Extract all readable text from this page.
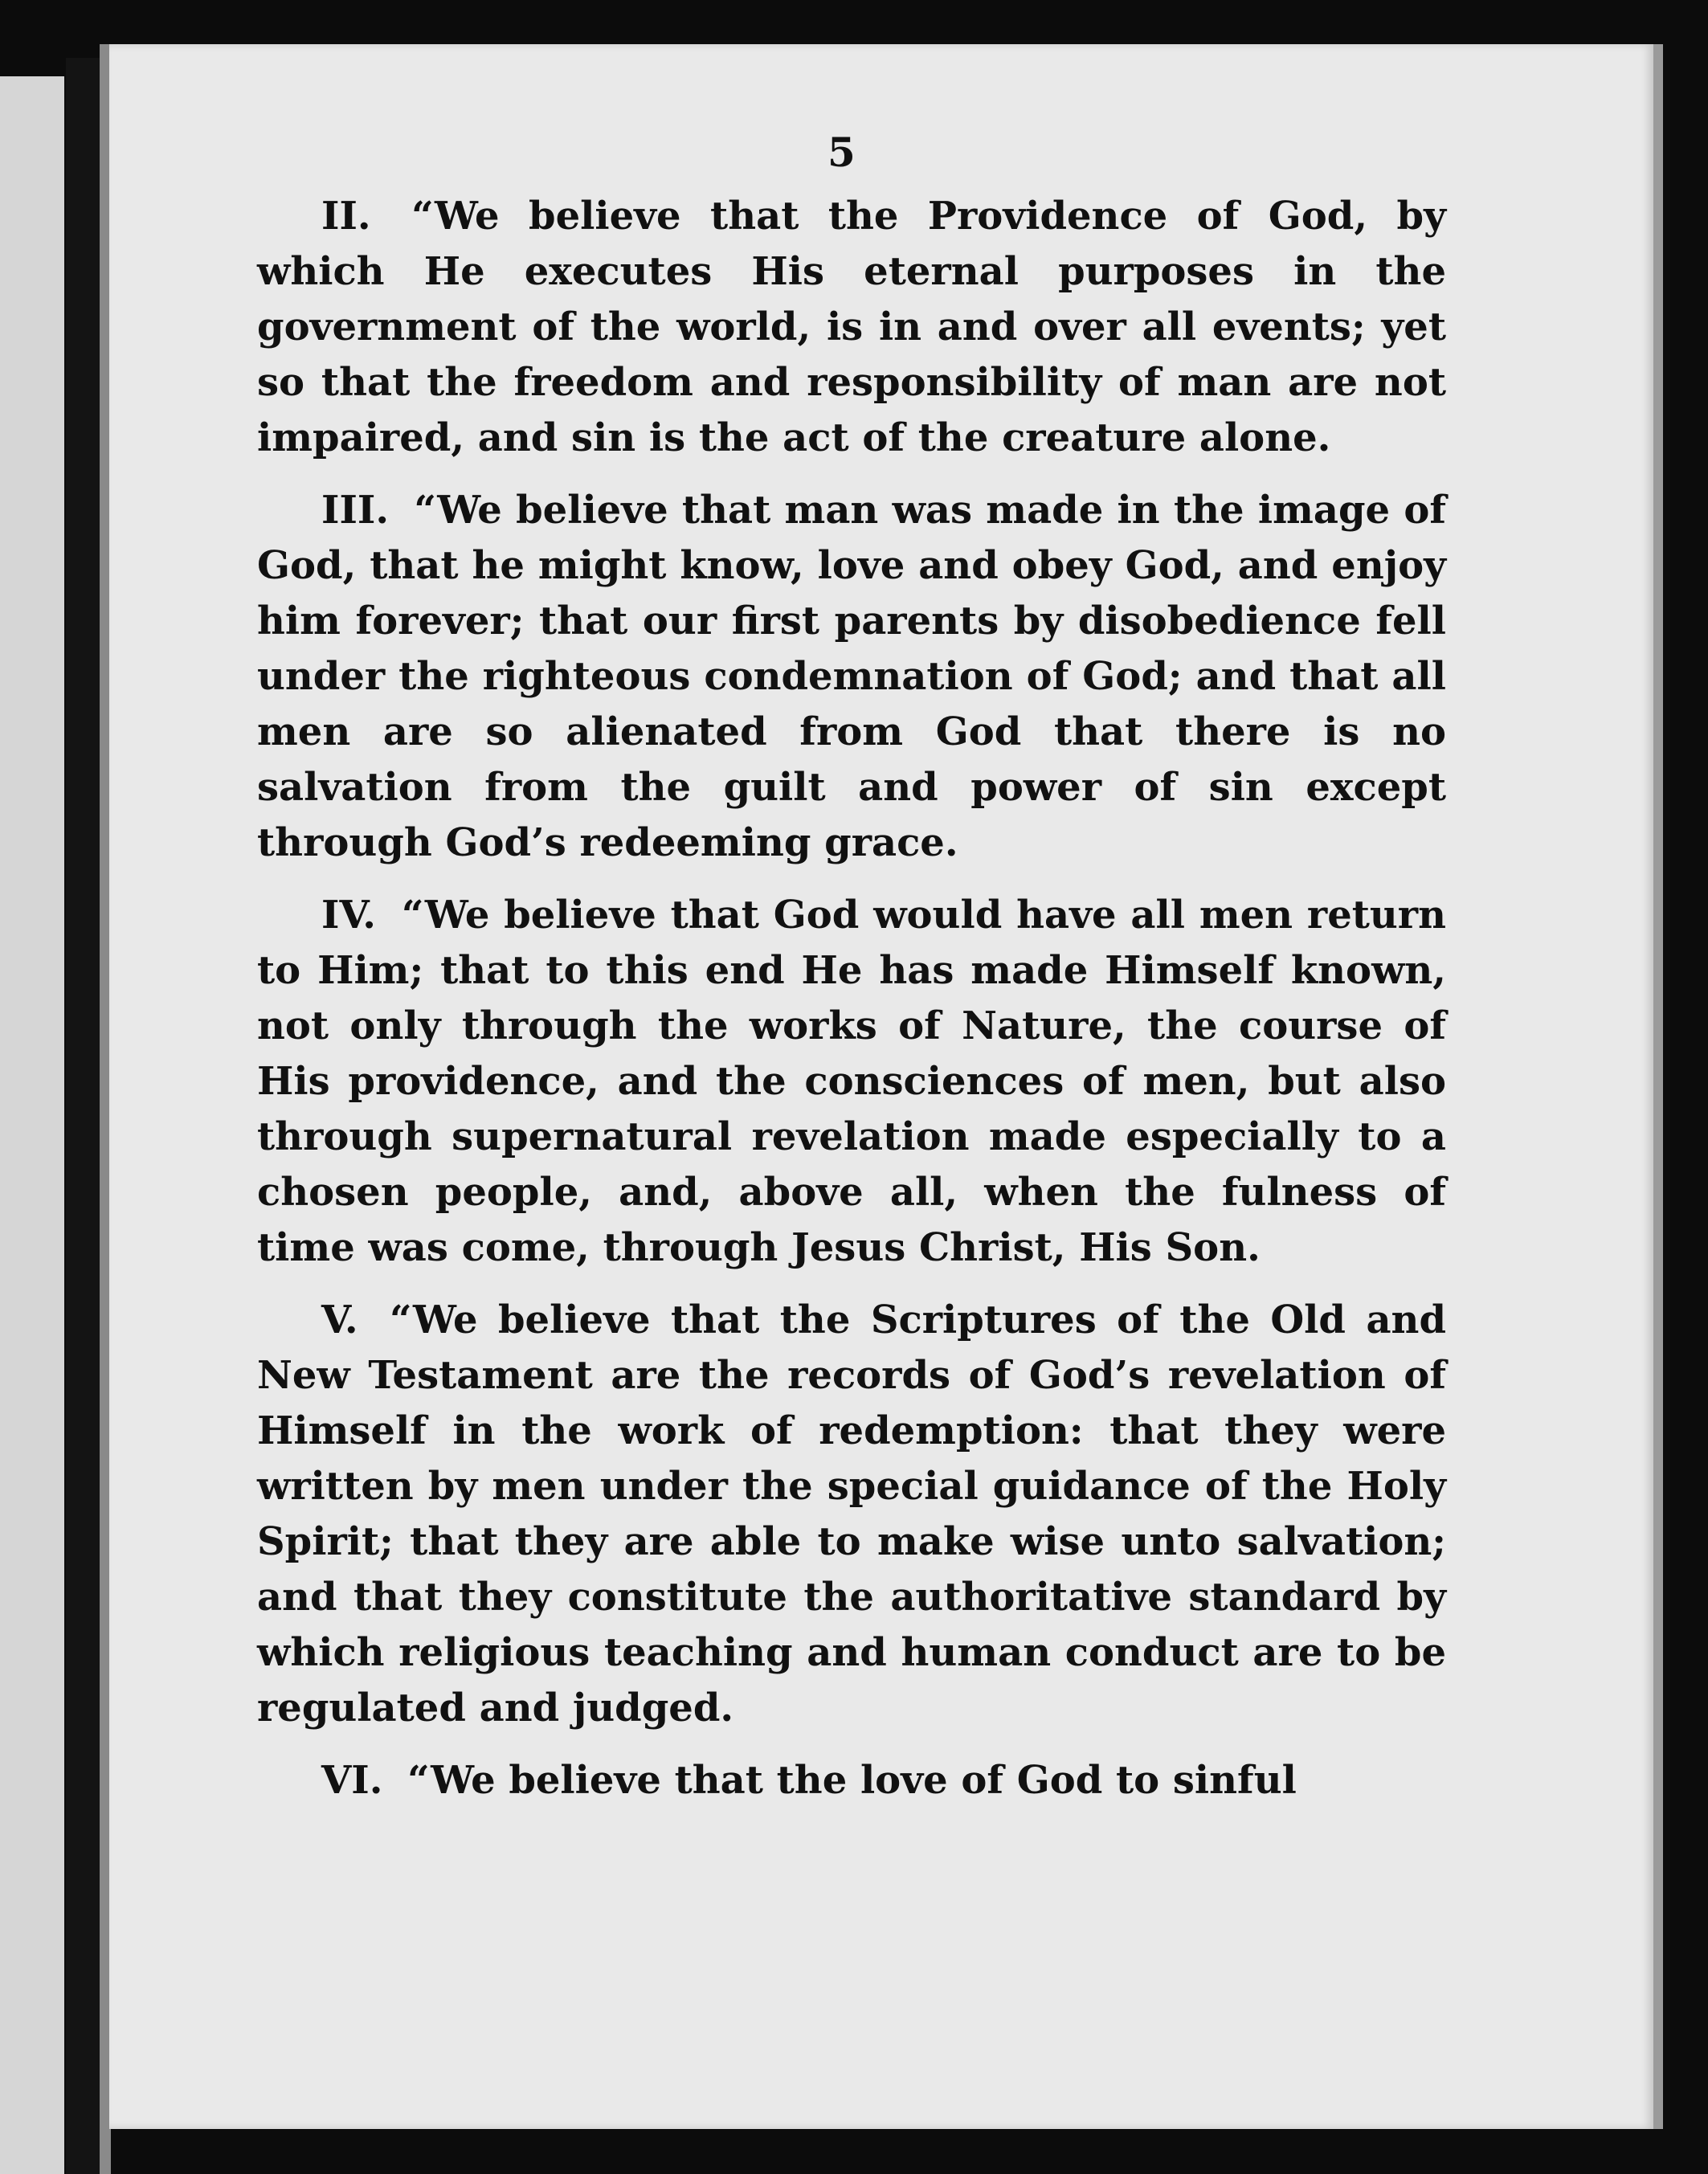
5

II. “We believe that the Providence of God, by which He executes His eternal purposes in the government of the world, is in and over all events; yet so that the freedom and responsibility of man are not impaired, and sin is the act of the creature alone.

III. “We believe that man was made in the image of God, that he might know, love and obey God, and enjoy him forever; that our first parents by disobedience fell under the righteous condemnation of God; and that all men are so alienated from God that there is no salvation from the guilt and power of sin except through God’s redeeming grace.

IV. “We believe that God would have all men return to Him; that to this end He has made Himself known, not only through the works of Nature, the course of His providence, and the consciences of men, but also through supernatural revelation made especially to a chosen people, and, above all, when the fulness of time was come, through Jesus Christ, His Son.

V. “We believe that the Scriptures of the Old and New Testament are the records of God’s revelation of Himself in the work of redemption: that they were written by men under the special guidance of the Holy Spirit; that they are able to make wise unto salvation; and that they constitute the authoritative standard by which religious teaching and human conduct are to be regulated and judged.

VI. “We believe that the love of God to sinful
